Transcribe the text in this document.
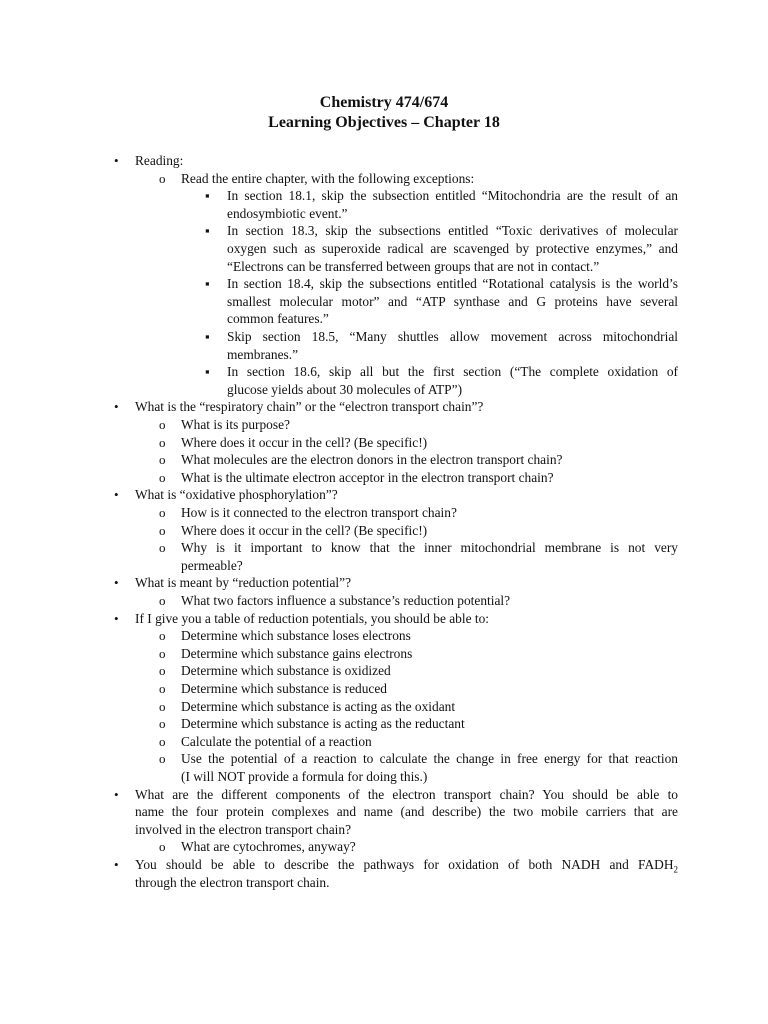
Chemistry 474/674
Learning Objectives – Chapter 18
• Reading:
o Read the entire chapter, with the following exceptions:
▪ In section 18.1, skip the subsection entitled “Mitochondria are the result of an
endosymbiotic event.”
▪ In section 18.3, skip the subsections entitled “Toxic derivatives of molecular
oxygen such as superoxide radical are scavenged by protective enzymes,” and
“Electrons can be transferred between groups that are not in contact.”
▪ In section 18.4, skip the subsections entitled “Rotational catalysis is the world’s
smallest molecular motor” and “ATP synthase and G proteins have several
common features.”
▪ Skip section 18.5, “Many shuttles allow movement across mitochondrial
membranes.”
▪ In section 18.6, skip all but the first section (“The complete oxidation of
glucose yields about 30 molecules of ATP”)
• What is the “respiratory chain” or the “electron transport chain”?
o What is its purpose?
o Where does it occur in the cell? (Be specific!)
o What molecules are the electron donors in the electron transport chain?
o What is the ultimate electron acceptor in the electron transport chain?
• What is “oxidative phosphorylation”?
o How is it connected to the electron transport chain?
o Where does it occur in the cell? (Be specific!)
o Why is it important to know that the inner mitochondrial membrane is not very
permeable?
• What is meant by “reduction potential”?
o What two factors influence a substance’s reduction potential?
• If I give you a table of reduction potentials, you should be able to:
o Determine which substance loses electrons
o Determine which substance gains electrons
o Determine which substance is oxidized
o Determine which substance is reduced
o Determine which substance is acting as the oxidant
o Determine which substance is acting as the reductant
o Calculate the potential of a reaction
o Use the potential of a reaction to calculate the change in free energy for that reaction
(I will NOT provide a formula for doing this.)
• What are the different components of the electron transport chain? You should be able to
name the four protein complexes and name (and describe) the two mobile carriers that are
involved in the electron transport chain?
o What are cytochromes, anyway?
• You should be able to describe the pathways for oxidation of both NADH and $FADH_2$
through the electron transport chain.
